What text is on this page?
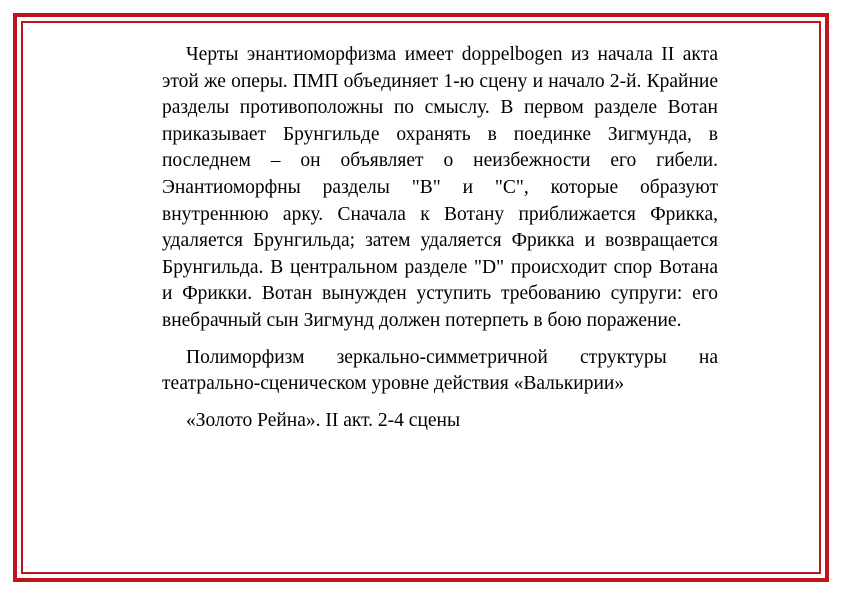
Черты энантиоморфизма имеет doppelbogen из начала II акта этой же оперы. ПМП объединяет 1-ю сцену и начало 2-й. Крайние разделы противоположны по смыслу. В первом разделе Вотан приказывает Брунгильде охранять в поединке Зигмунда, в последнем – он объявляет о неизбежности его гибели. Энантиоморфны разделы "В" и "С", которые образуют внутреннюю арку. Сначала к Вотану приближается Фрикка, удаляется Брунгильда; затем удаляется Фрикка и возвращается Брунгильда. В центральном разделе "D" происходит спор Вотана и Фрикки. Вотан вынужден уступить требованию супруги: его внебрачный сын Зигмунд должен потерпеть в бою поражение.

Полиморфизм зеркально-симметричной структуры на театрально-сценическом уровне действия «Валькирии»

«Золото Рейна». II акт. 2-4 сцены
